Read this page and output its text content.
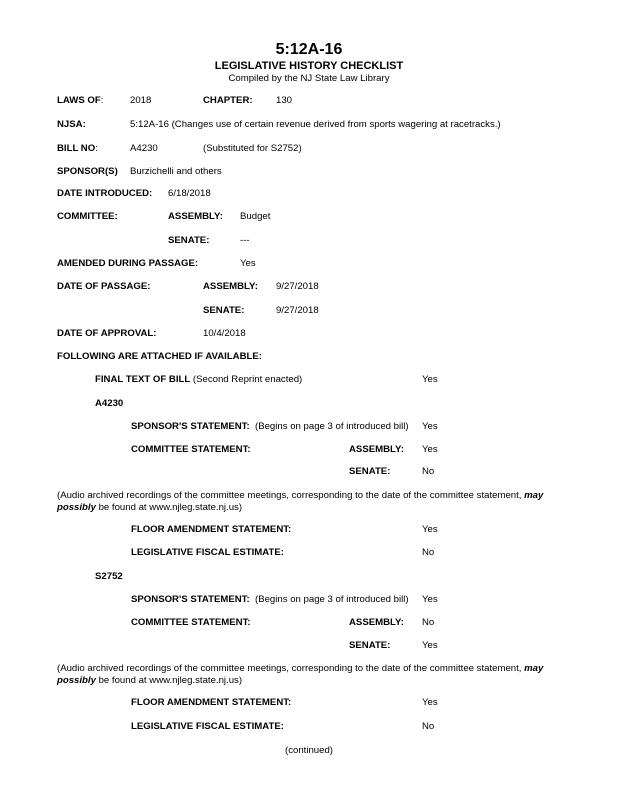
5:12A-16
LEGISLATIVE HISTORY CHECKLIST
Compiled by the NJ State Law Library
LAWS OF:	2018	CHAPTER: 130
NJSA:	5:12A-16 (Changes use of certain revenue derived from sports wagering at racetracks.)
BILL NO:	A4230	(Substituted for S2752)
SPONSOR(S) Burzichelli and others
DATE INTRODUCED: 6/18/2018
COMMITTEE:	ASSEMBLY: Budget
SENATE:	---
AMENDED DURING PASSAGE:	Yes
DATE OF PASSAGE:	ASSEMBLY: 9/27/2018
SENATE:	9/27/2018
DATE OF APPROVAL:	10/4/2018
FOLLOWING ARE ATTACHED IF AVAILABLE:
FINAL TEXT OF BILL (Second Reprint enacted)	Yes
A4230
SPONSOR'S STATEMENT: (Begins on page 3 of introduced bill) Yes
COMMITTEE STATEMENT:	ASSEMBLY: Yes
SENATE:	No
(Audio archived recordings of the committee meetings, corresponding to the date of the committee statement, may possibly be found at www.njleg.state.nj.us)
FLOOR AMENDMENT STATEMENT:	Yes
LEGISLATIVE FISCAL ESTIMATE:	No
S2752
SPONSOR'S STATEMENT: (Begins on page 3 of introduced bill) Yes
COMMITTEE STATEMENT:	ASSEMBLY: No
SENATE:	Yes
(Audio archived recordings of the committee meetings, corresponding to the date of the committee statement, may possibly be found at www.njleg.state.nj.us)
FLOOR AMENDMENT STATEMENT:	Yes
LEGISLATIVE FISCAL ESTIMATE:	No
(continued)
